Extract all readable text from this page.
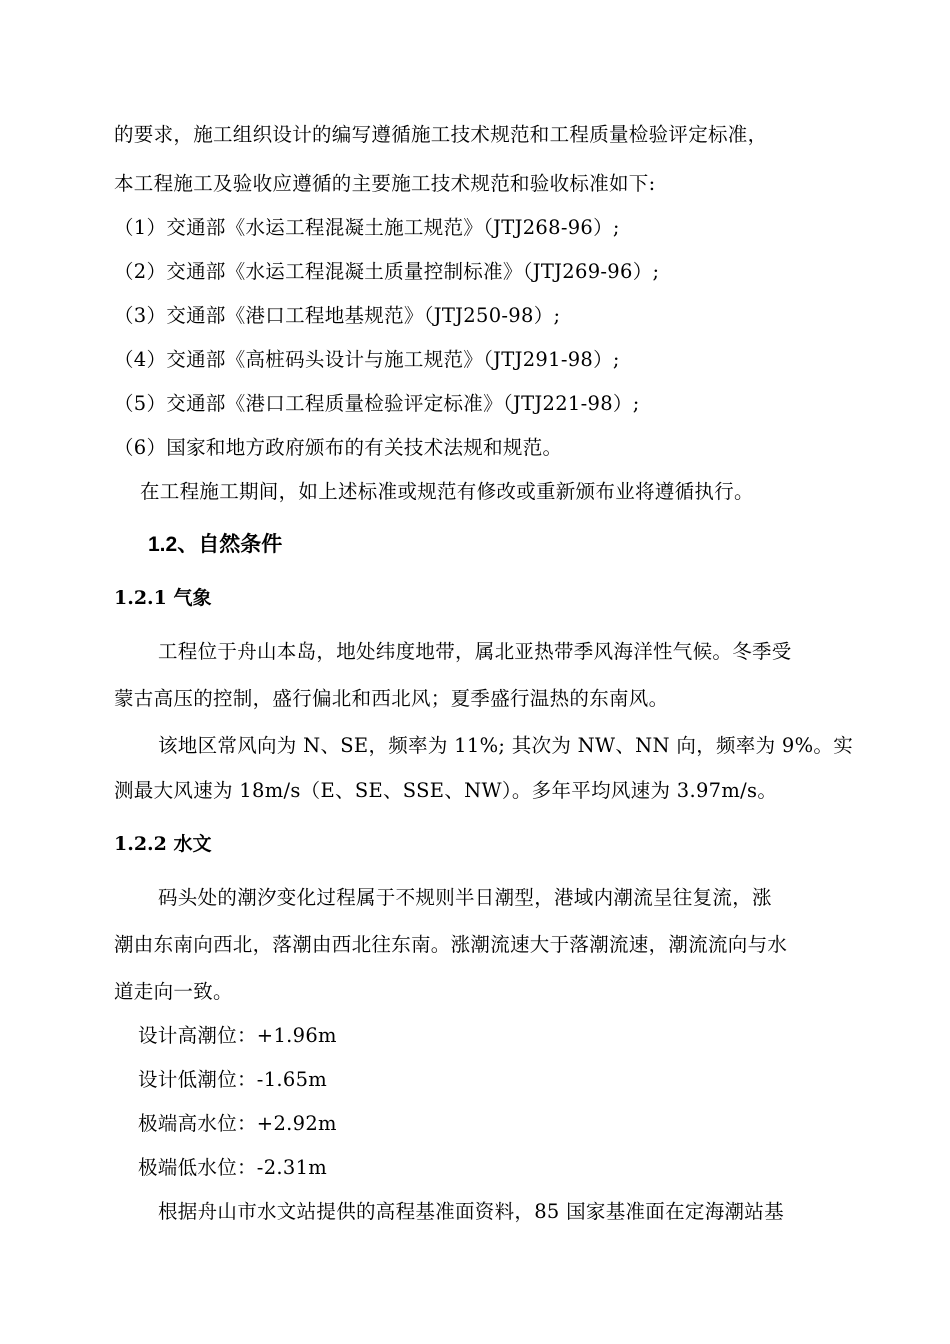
的要求，施工组织设计的编写遵循施工技术规范和工程质量检验评定标准，
本工程施工及验收应遵循的主要施工技术规范和验收标准如下:
（1）交通部《水运工程混凝土施工规范》（JTJ268-96）;
（2）交通部《水运工程混凝土质量控制标准》（JTJ269-96）;
（3）交通部《港口工程地基规范》（JTJ250-98）;
（4）交通部《高桩码头设计与施工规范》（JTJ291-98）;
（5）交通部《港口工程质量检验评定标准》（JTJ221-98）;
（6）国家和地方政府颁布的有关技术法规和规范。
在工程施工期间，如上述标准或规范有修改或重新颁布业将遵循执行。
1.2、自然条件
1.2.1 气象
工程位于舟山本岛，地处纬度地带，属北亚热带季风海洋性气候。冬季受
蒙古高压的控制，盛行偏北和西北风；夏季盛行温热的东南风。
该地区常风向为 N、SE，频率为 11%; 其次为 NW、NN 向，频率为 9%。实
测最大风速为 18m/s（E、SE、SSE、NW）。多年平均风速为 3.97m/s。
1.2.2 水文
码头处的潮汐变化过程属于不规则半日潮型，港域内潮流呈往复流，涨
潮由东南向西北，落潮由西北往东南。涨潮流速大于落潮流速，潮流流向与水
道走向一致。
设计高潮位：+1.96m
设计低潮位：-1.65m
极端高水位：+2.92m
极端低水位：-2.31m
根据舟山市水文站提供的高程基准面资料，85 国家基准面在定海潮站基
